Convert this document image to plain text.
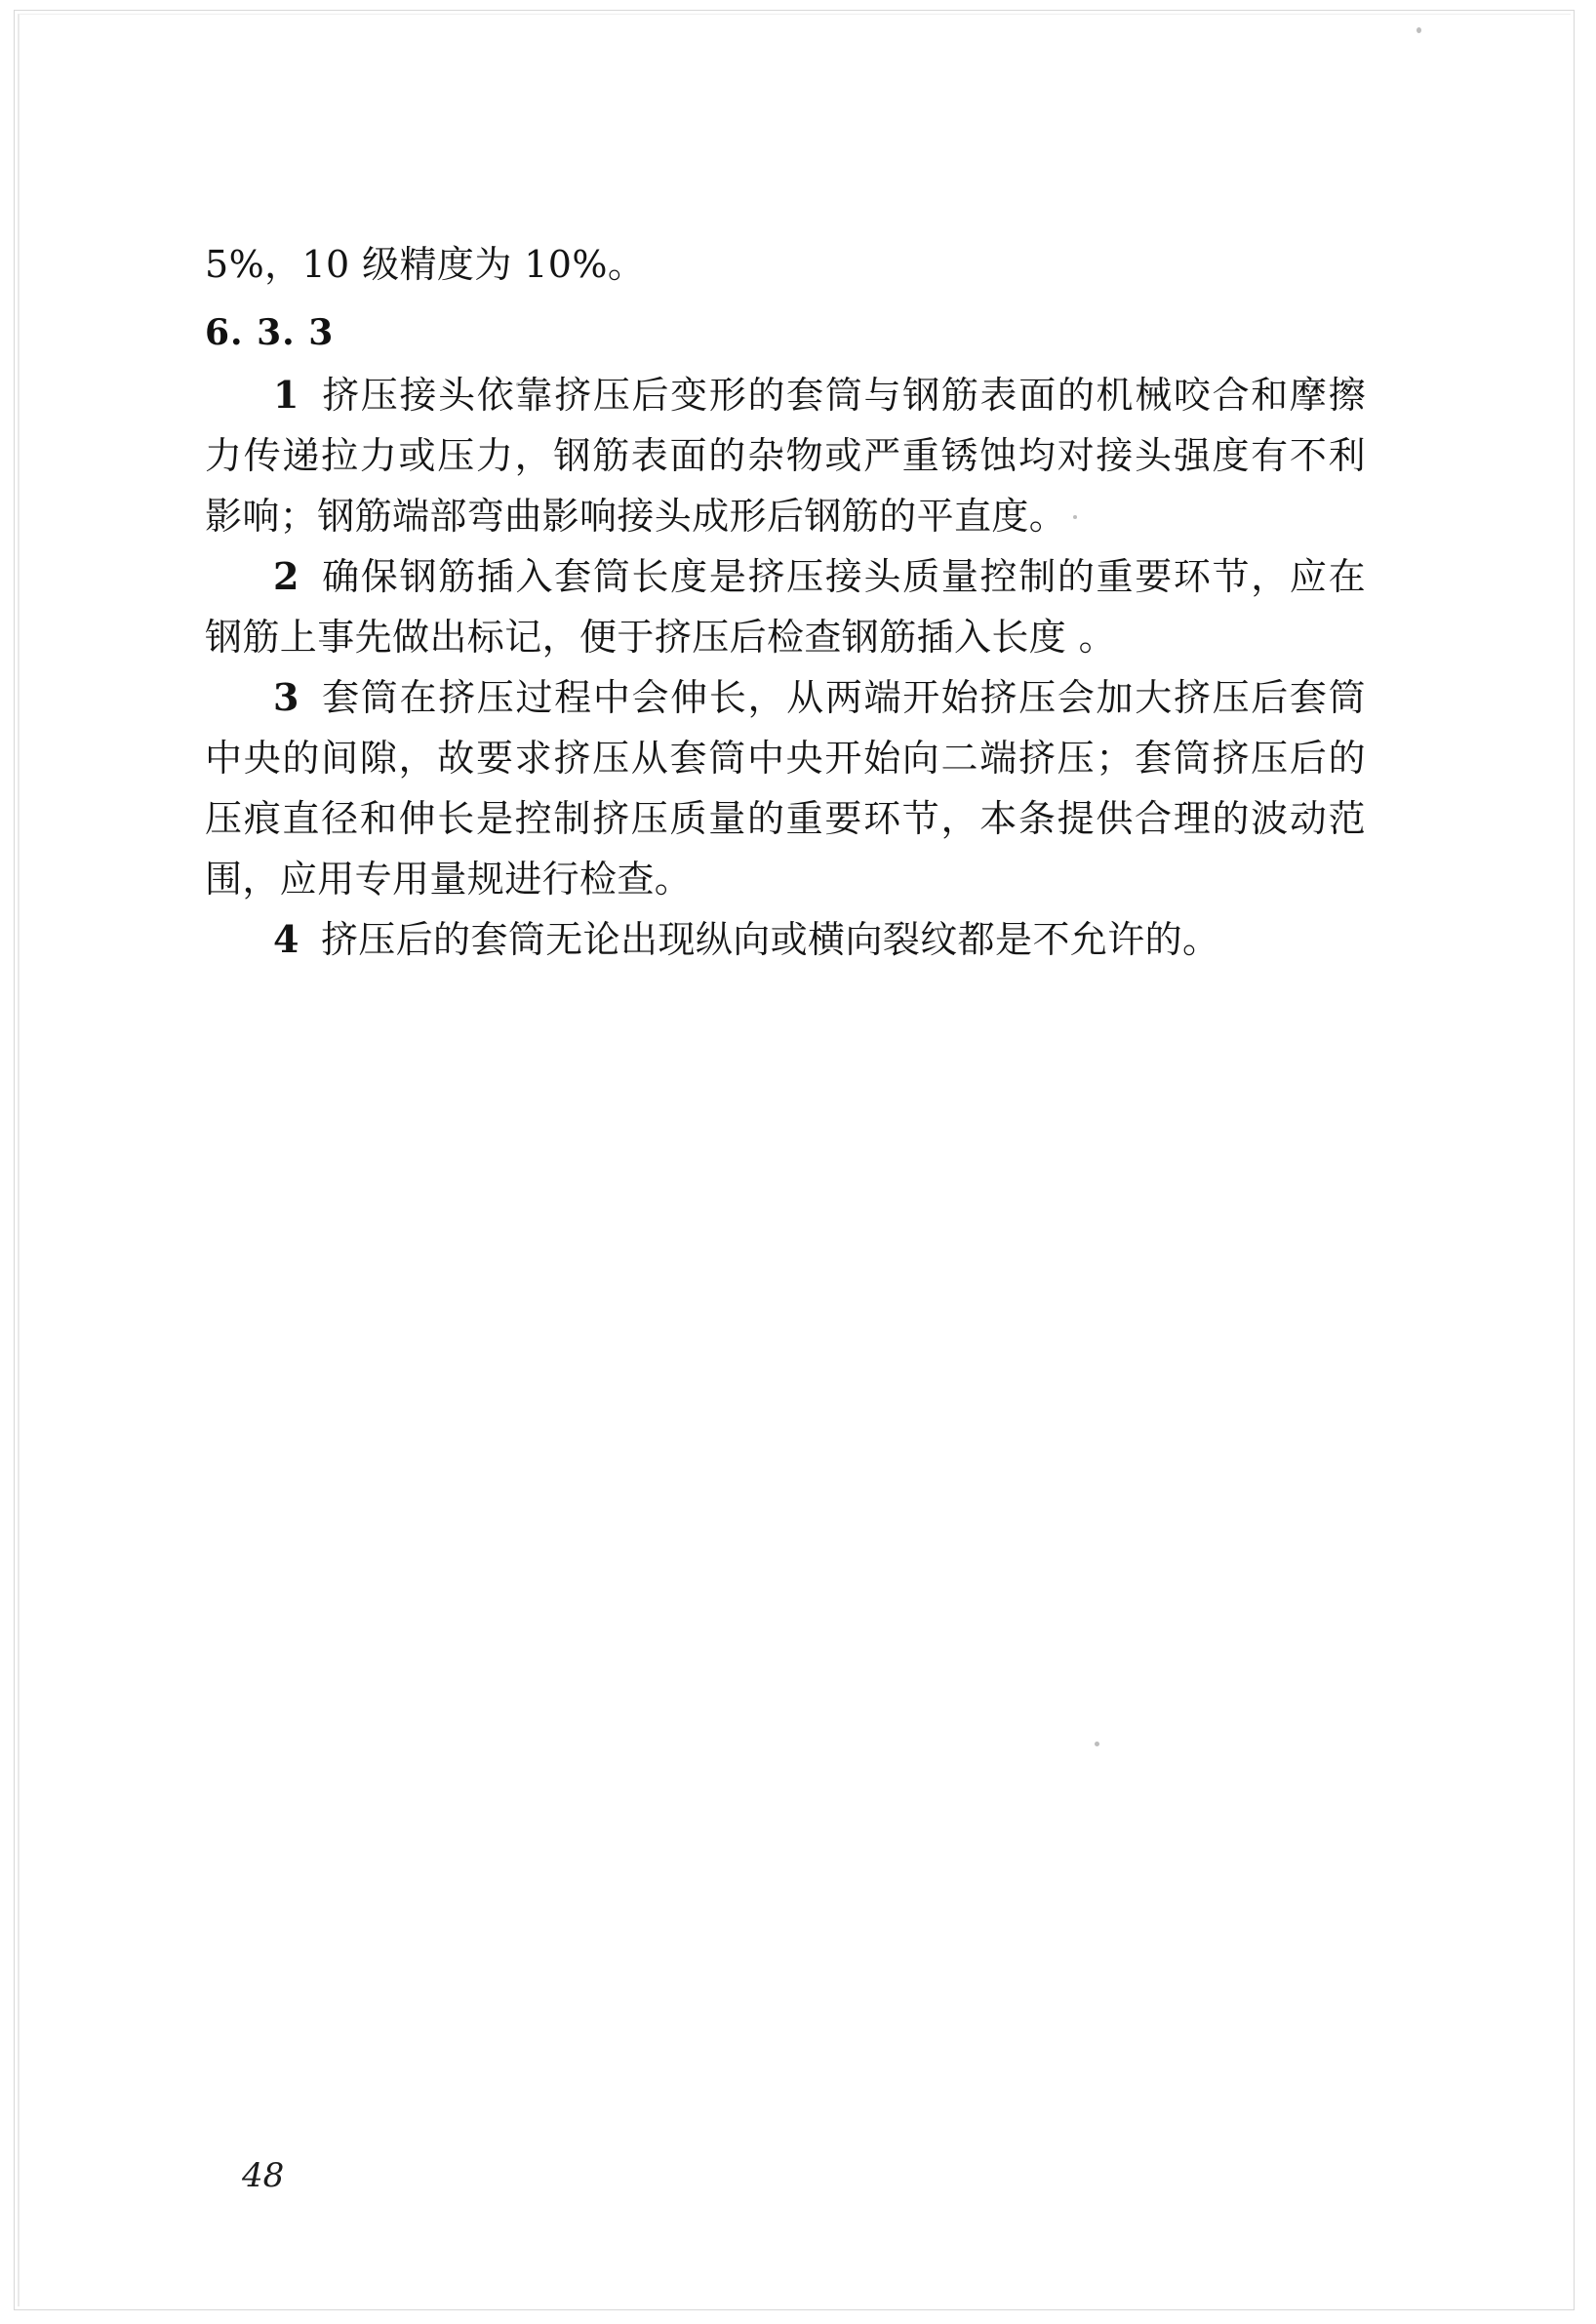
5%，10 级精度为 10%。

6. 3. 3

1 挤压接头依靠挤压后变形的套筒与钢筋表面的机械咬合和摩擦力传递拉力或压力，钢筋表面的杂物或严重锈蚀均对接头强度有不利影响；钢筋端部弯曲影响接头成形后钢筋的平直度。

2 确保钢筋插入套筒长度是挤压接头质量控制的重要环节，应在钢筋上事先做出标记，便于挤压后检查钢筋插入长度 。

3 套筒在挤压过程中会伸长，从两端开始挤压会加大挤压后套筒中央的间隙，故要求挤压从套筒中央开始向二端挤压；套筒挤压后的压痕直径和伸长是控制挤压质量的重要环节，本条提供合理的波动范围，应用专用量规进行检查。

4 挤压后的套筒无论出现纵向或横向裂纹都是不允许的。

48
